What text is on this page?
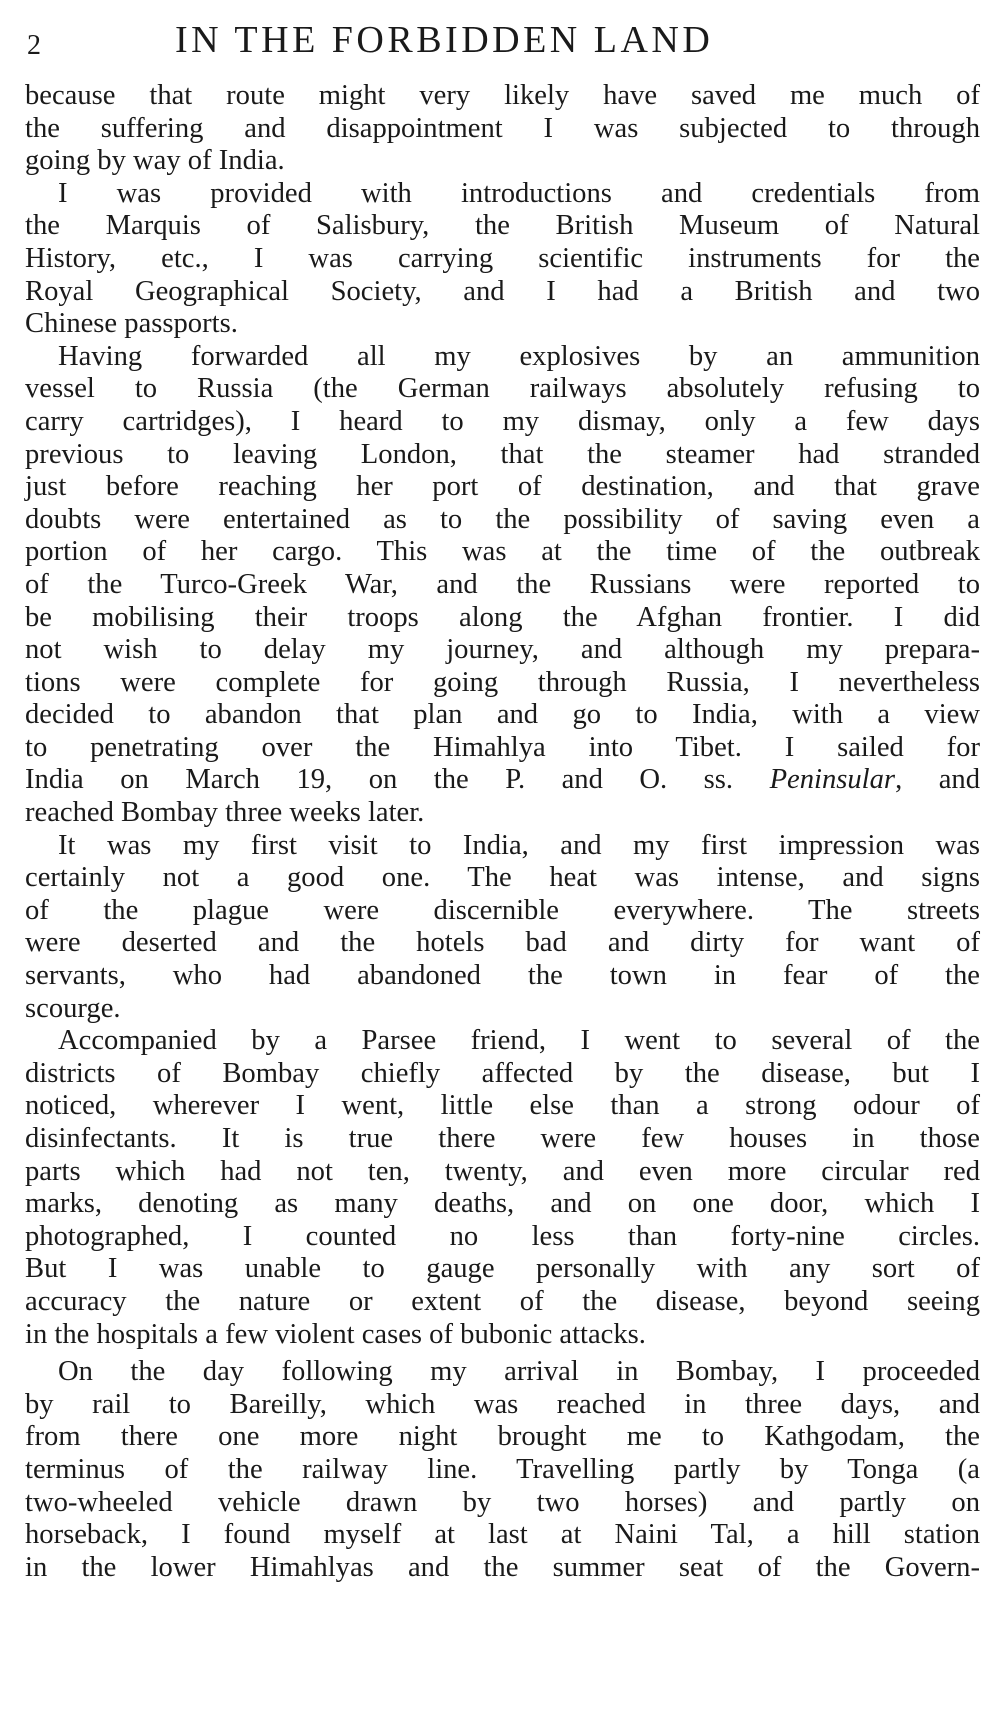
2	IN THE FORBIDDEN LAND

because that route might very likely have saved me much of
the suffering and disappointment I was subjected to through
going by way of India.

I was provided with introductions and credentials from
the Marquis of Salisbury, the British Museum of Natural
History, etc., I was carrying scientific instruments for the
Royal Geographical Society, and I had a British and two
Chinese passports.

Having forwarded all my explosives by an ammunition
vessel to Russia (the German railways absolutely refusing to
carry cartridges), I heard to my dismay, only a few days
previous to leaving London, that the steamer had stranded
just before reaching her port of destination, and that grave
doubts were entertained as to the possibility of saving even a
portion of her cargo. This was at the time of the outbreak
of the Turco-Greek War, and the Russians were reported to
be mobilising their troops along the Afghan frontier. I did
not wish to delay my journey, and although my prepara-
tions were complete for going through Russia, I nevertheless
decided to abandon that plan and go to India, with a view
to penetrating over the Himahlya into Tibet. I sailed for
India on March 19, on the P. and O. ss. Peninsular, and
reached Bombay three weeks later.

It was my first visit to India, and my first impression was
certainly not a good one. The heat was intense, and signs
of the plague were discernible everywhere. The streets
were deserted and the hotels bad and dirty for want of
servants, who had abandoned the town in fear of the
scourge.

Accompanied by a Parsee friend, I went to several of the
districts of Bombay chiefly affected by the disease, but I
noticed, wherever I went, little else than a strong odour of
disinfectants. It is true there were few houses in those
parts which had not ten, twenty, and even more circular red
marks, denoting as many deaths, and on one door, which I
photographed, I counted no less than forty-nine circles.
But I was unable to gauge personally with any sort of
accuracy the nature or extent of the disease, beyond seeing
in the hospitals a few violent cases of bubonic attacks.

On the day following my arrival in Bombay, I proceeded
by rail to Bareilly, which was reached in three days, and
from there one more night brought me to Kathgodam, the
terminus of the railway line. Travelling partly by Tonga (a
two-wheeled vehicle drawn by two horses) and partly on
horseback, I found myself at last at Naini Tal, a hill station
in the lower Himahlyas and the summer seat of the Govern-
